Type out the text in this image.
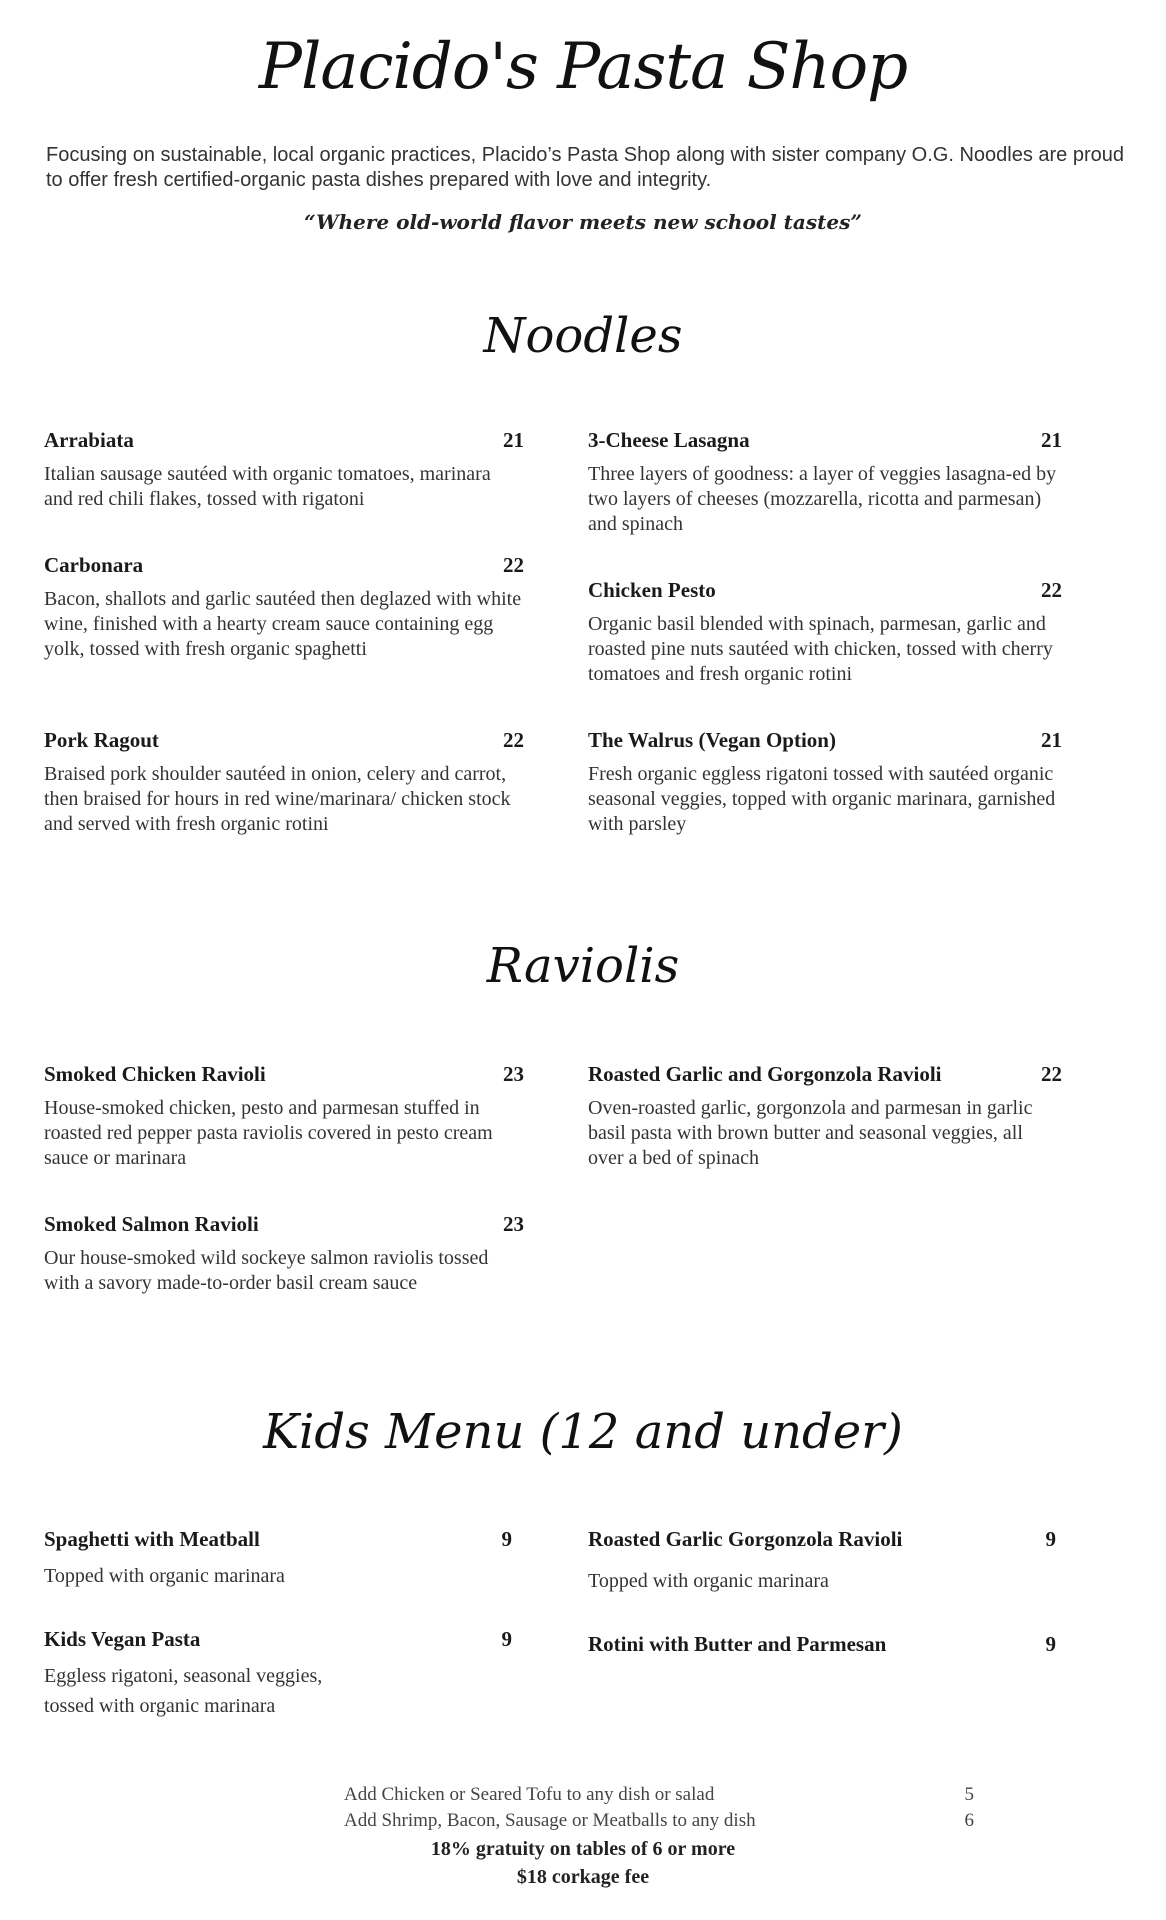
Placido's Pasta Shop
Focusing on sustainable, local organic practices, Placido’s Pasta Shop along with sister company O.G. Noodles are proud to offer fresh certified-organic pasta dishes prepared with love and integrity.
“Where old-world flavor meets new school tastes”
Noodles
Arrabiata	21
Italian sausage sautéed with organic tomatoes, marinara and red chili flakes, tossed with rigatoni
Carbonara	22
Bacon, shallots and garlic sautéed then deglazed with white wine, finished with a hearty cream sauce containing egg yolk, tossed with fresh organic spaghetti
Pork Ragout	22
Braised pork shoulder sautéed in onion, celery and carrot, then braised for hours in red wine/marinara/ chicken stock and served with fresh organic rotini
3-Cheese Lasagna	21
Three layers of goodness: a layer of veggies lasagna-ed by two layers of cheeses (mozzarella, ricotta and parmesan) and spinach
Chicken Pesto	22
Organic basil blended with spinach, parmesan, garlic and roasted pine nuts sautéed with chicken, tossed with cherry tomatoes and fresh organic rotini
The Walrus (Vegan Option)	21
Fresh organic eggless rigatoni tossed with sautéed organic seasonal veggies, topped with organic marinara, garnished with parsley
Raviolis
Smoked Chicken Ravioli	23
House-smoked chicken, pesto and parmesan stuffed in roasted red pepper pasta raviolis covered in pesto cream sauce or marinara
Smoked Salmon Ravioli	23
Our house-smoked wild sockeye salmon raviolis tossed with a savory made-to-order basil cream sauce
Roasted Garlic and Gorgonzola Ravioli	22
Oven-roasted garlic, gorgonzola and parmesan in garlic basil pasta with brown butter and seasonal veggies, all over a bed of spinach
Kids Menu (12 and under)
Spaghetti with Meatball	9
Topped with organic marinara
Kids Vegan Pasta	9
Eggless rigatoni, seasonal veggies, tossed with organic marinara
Roasted Garlic Gorgonzola Ravioli	9
Topped with organic marinara
Rotini with Butter and Parmesan	9
Add Chicken or Seared Tofu to any dish or salad	5
Add Shrimp, Bacon, Sausage or Meatballs to any dish	6
18% gratuity on tables of 6 or more
$18 corkage fee
